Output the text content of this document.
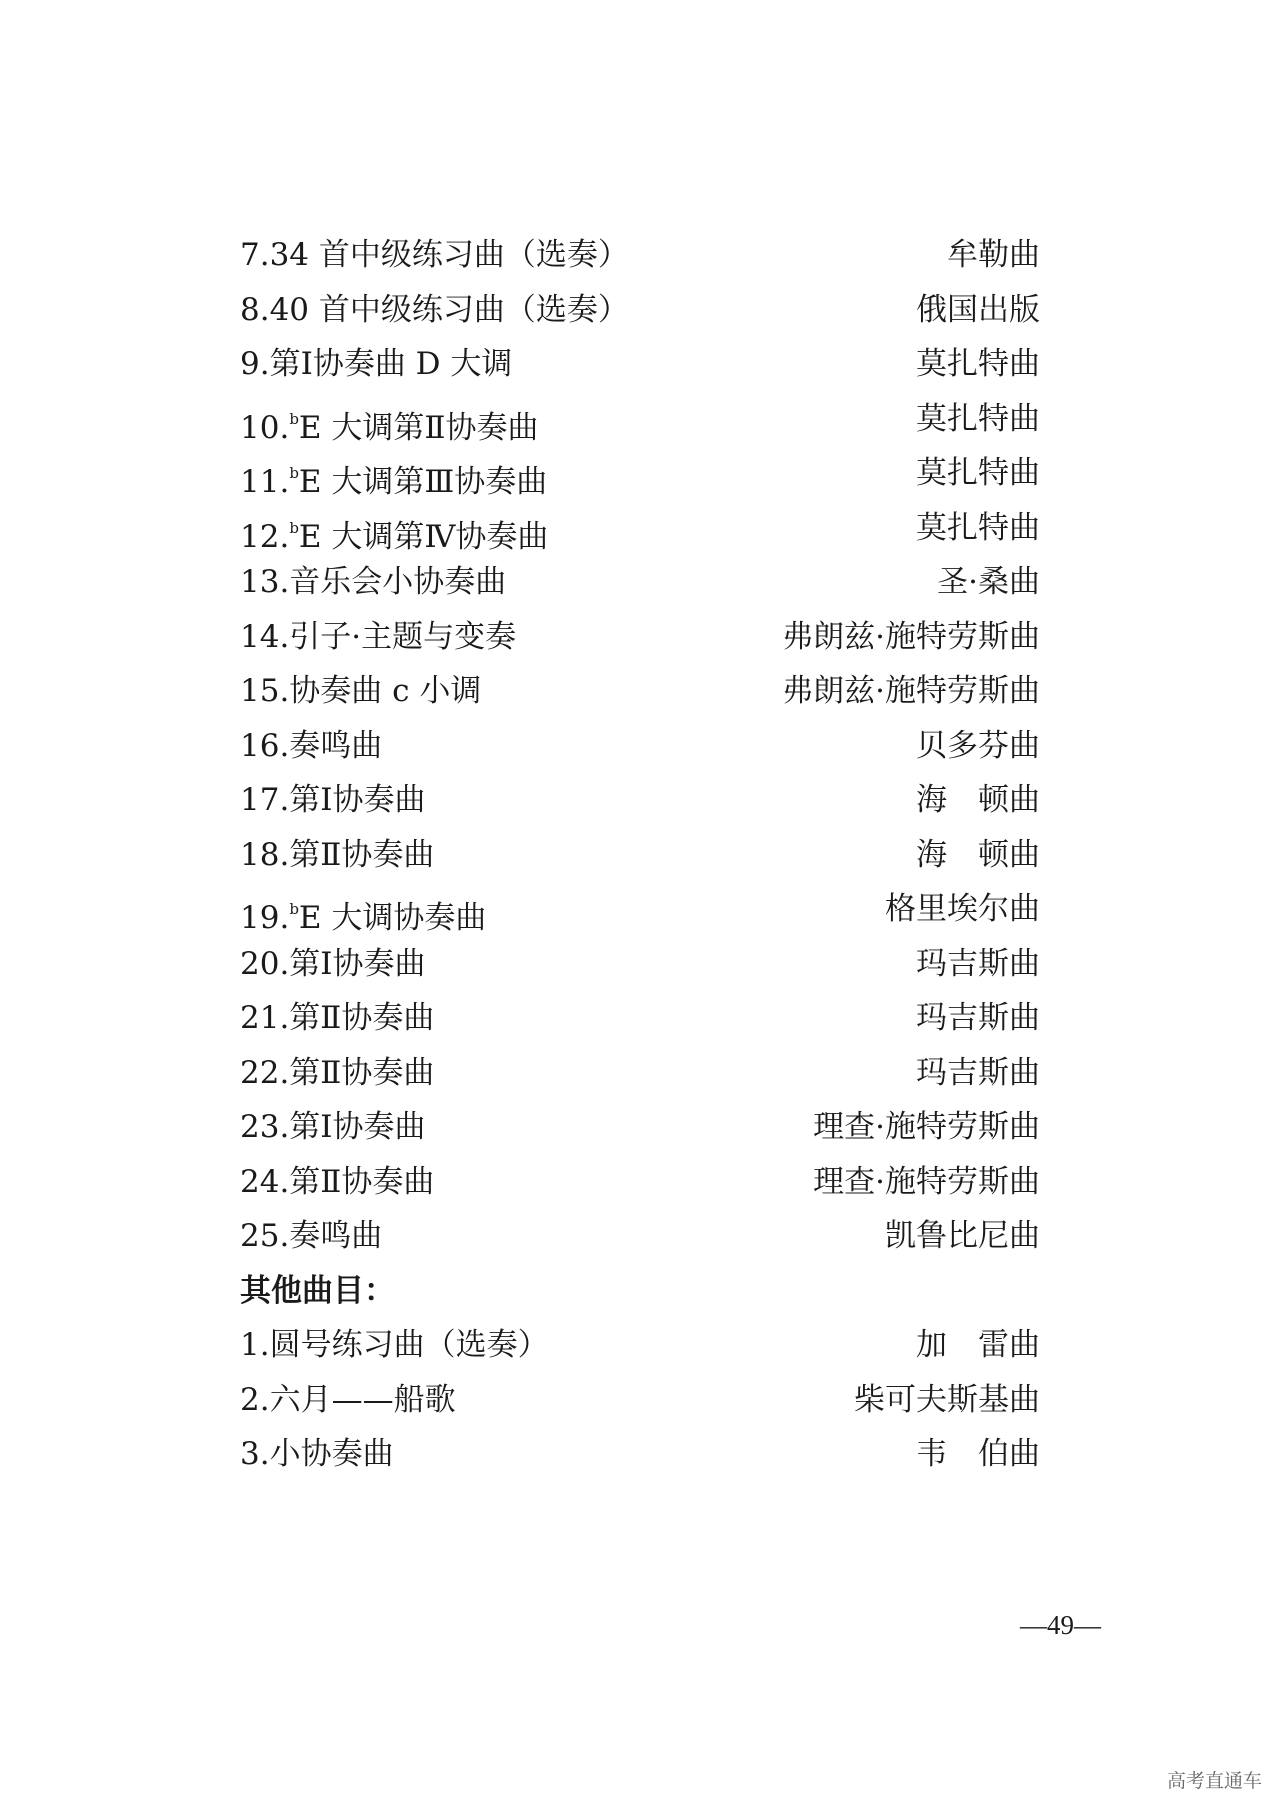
7.34 首中级练习曲（选奏）	牟勒曲
8.40 首中级练习曲（选奏）	俄国出版
9.第Ⅰ协奏曲 D 大调	莫扎特曲
10.$^b$E 大调第Ⅱ协奏曲	莫扎特曲
11.$^b$E 大调第Ⅲ协奏曲	莫扎特曲
12.$^b$E 大调第Ⅳ协奏曲	莫扎特曲
13.音乐会小协奏曲	圣·桑曲
14.引子·主题与变奏	弗朗兹·施特劳斯曲
15.协奏曲 c 小调	弗朗兹·施特劳斯曲
16.奏鸣曲	贝多芬曲
17.第Ⅰ协奏曲	海　顿曲
18.第Ⅱ协奏曲	海　顿曲
19.$^b$E 大调协奏曲	格里埃尔曲
20.第Ⅰ协奏曲	玛吉斯曲
21.第Ⅱ协奏曲	玛吉斯曲
22.第Ⅱ协奏曲	玛吉斯曲
23.第Ⅰ协奏曲	理查·施特劳斯曲
24.第Ⅱ协奏曲	理查·施特劳斯曲
25.奏鸣曲	凯鲁比尼曲
其他曲目：
1.圆号练习曲（选奏）	加　雷曲
2.六月——船歌	柴可夫斯基曲
3.小协奏曲	韦　伯曲
—49—
高考直通车
